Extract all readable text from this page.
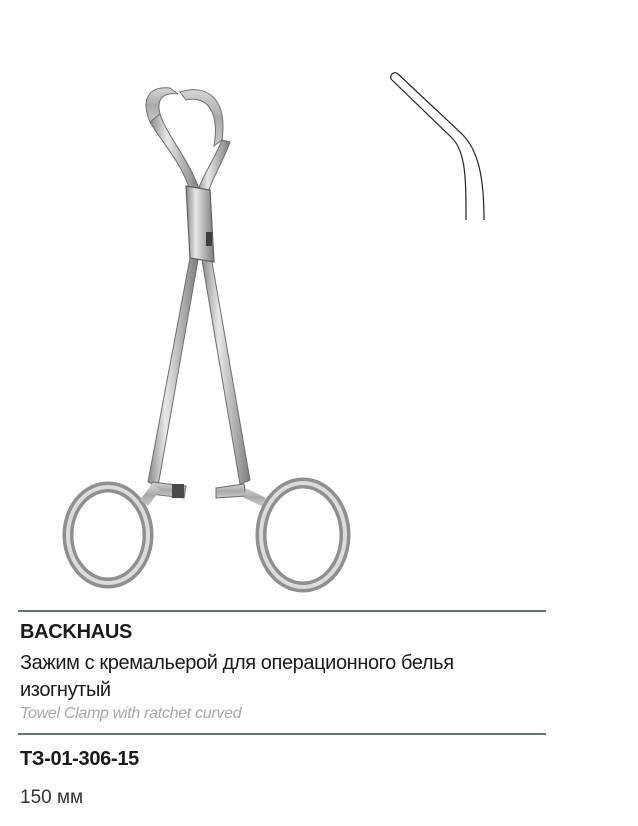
BACKHAUS

Зажим с кремальерой для операционного белья изогнутый

Towel Clamp with ratchet curved

ТЗ-01-306-15

150 мм
